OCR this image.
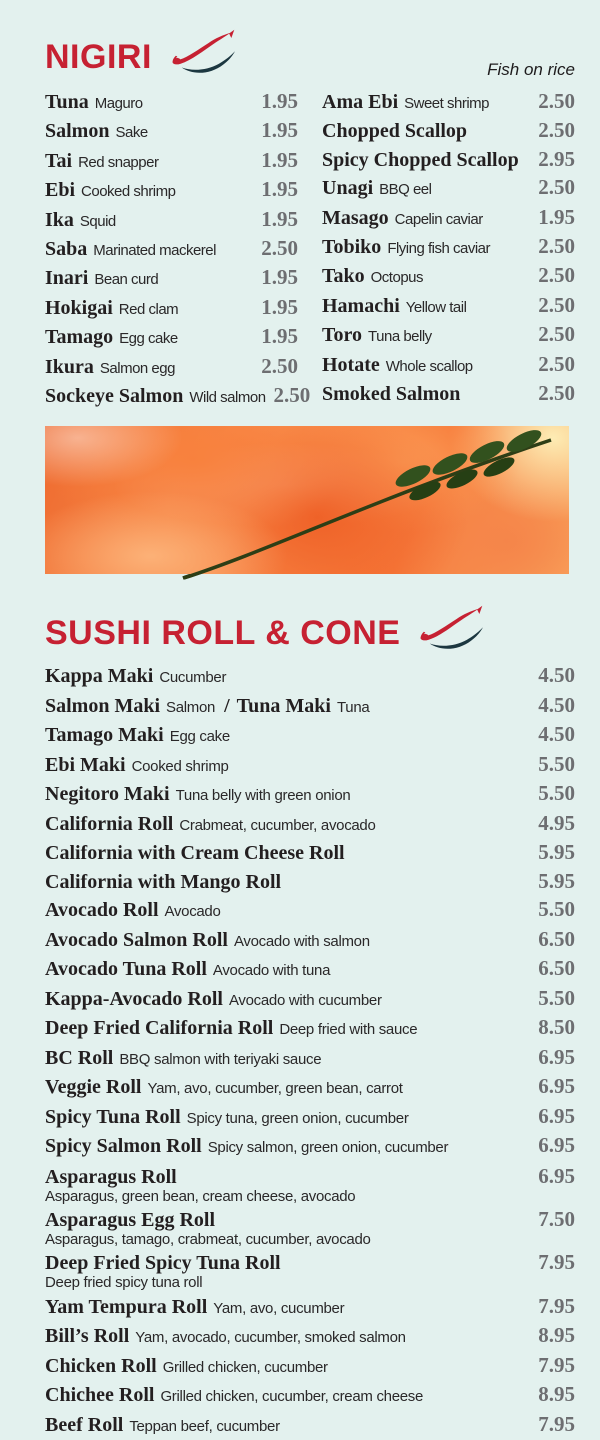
NIGIRI	Fish on rice
Tuna Maguro	1.95
Salmon Sake	1.95
Tai Red snapper	1.95
Ebi Cooked shrimp	1.95
Ika Squid	1.95
Saba Marinated mackerel	2.50
Inari Bean curd	1.95
Hokigai Red clam	1.95
Tamago Egg cake	1.95
Ikura Salmon egg	2.50
Sockeye Salmon Wild salmon 2.50
Ama Ebi Sweet shrimp	2.50
Chopped Scallop	2.50
Spicy Chopped Scallop 2.95
Unagi BBQ eel	2.50
Masago Capelin caviar	1.95
Tobiko Flying fish caviar	2.50
Tako Octopus	2.50
Hamachi Yellow tail	2.50
Toro Tuna belly	2.50
Hotate Whole scallop	2.50
Smoked Salmon	2.50
SUSHI ROLL & CONE
Kappa Maki Cucumber	4.50
Salmon Maki Salmon / Tuna Maki Tuna	4.50
Tamago Maki Egg cake	4.50
Ebi Maki Cooked shrimp	5.50
Negitoro Maki Tuna belly with green onion	5.50
California Roll Crabmeat, cucumber, avocado	4.95
California with Cream Cheese Roll	5.95
California with Mango Roll	5.95
Avocado Roll Avocado	5.50
Avocado Salmon Roll Avocado with salmon	6.50
Avocado Tuna Roll Avocado with tuna	6.50
Kappa-Avocado Roll Avocado with cucumber	5.50
Deep Fried California Roll Deep fried with sauce	8.50
BC Roll BBQ salmon with teriyaki sauce	6.95
Veggie Roll Yam, avo, cucumber, green bean, carrot	6.95
Spicy Tuna Roll Spicy tuna, green onion, cucumber	6.95
Spicy Salmon Roll Spicy salmon, green onion, cucumber	6.95
Asparagus Roll	6.95
Asparagus, green bean, cream cheese, avocado
Asparagus Egg Roll	7.50
Asparagus, tamago, crabmeat, cucumber, avocado
Deep Fried Spicy Tuna Roll	7.95
Deep fried spicy tuna roll
Yam Tempura Roll Yam, avo, cucumber	7.95
Bill’s Roll Yam, avocado, cucumber, smoked salmon	8.95
Chicken Roll Grilled chicken, cucumber	7.95
Chichee Roll Grilled chicken, cucumber, cream cheese	8.95
Beef Roll Teppan beef, cucumber	7.95
